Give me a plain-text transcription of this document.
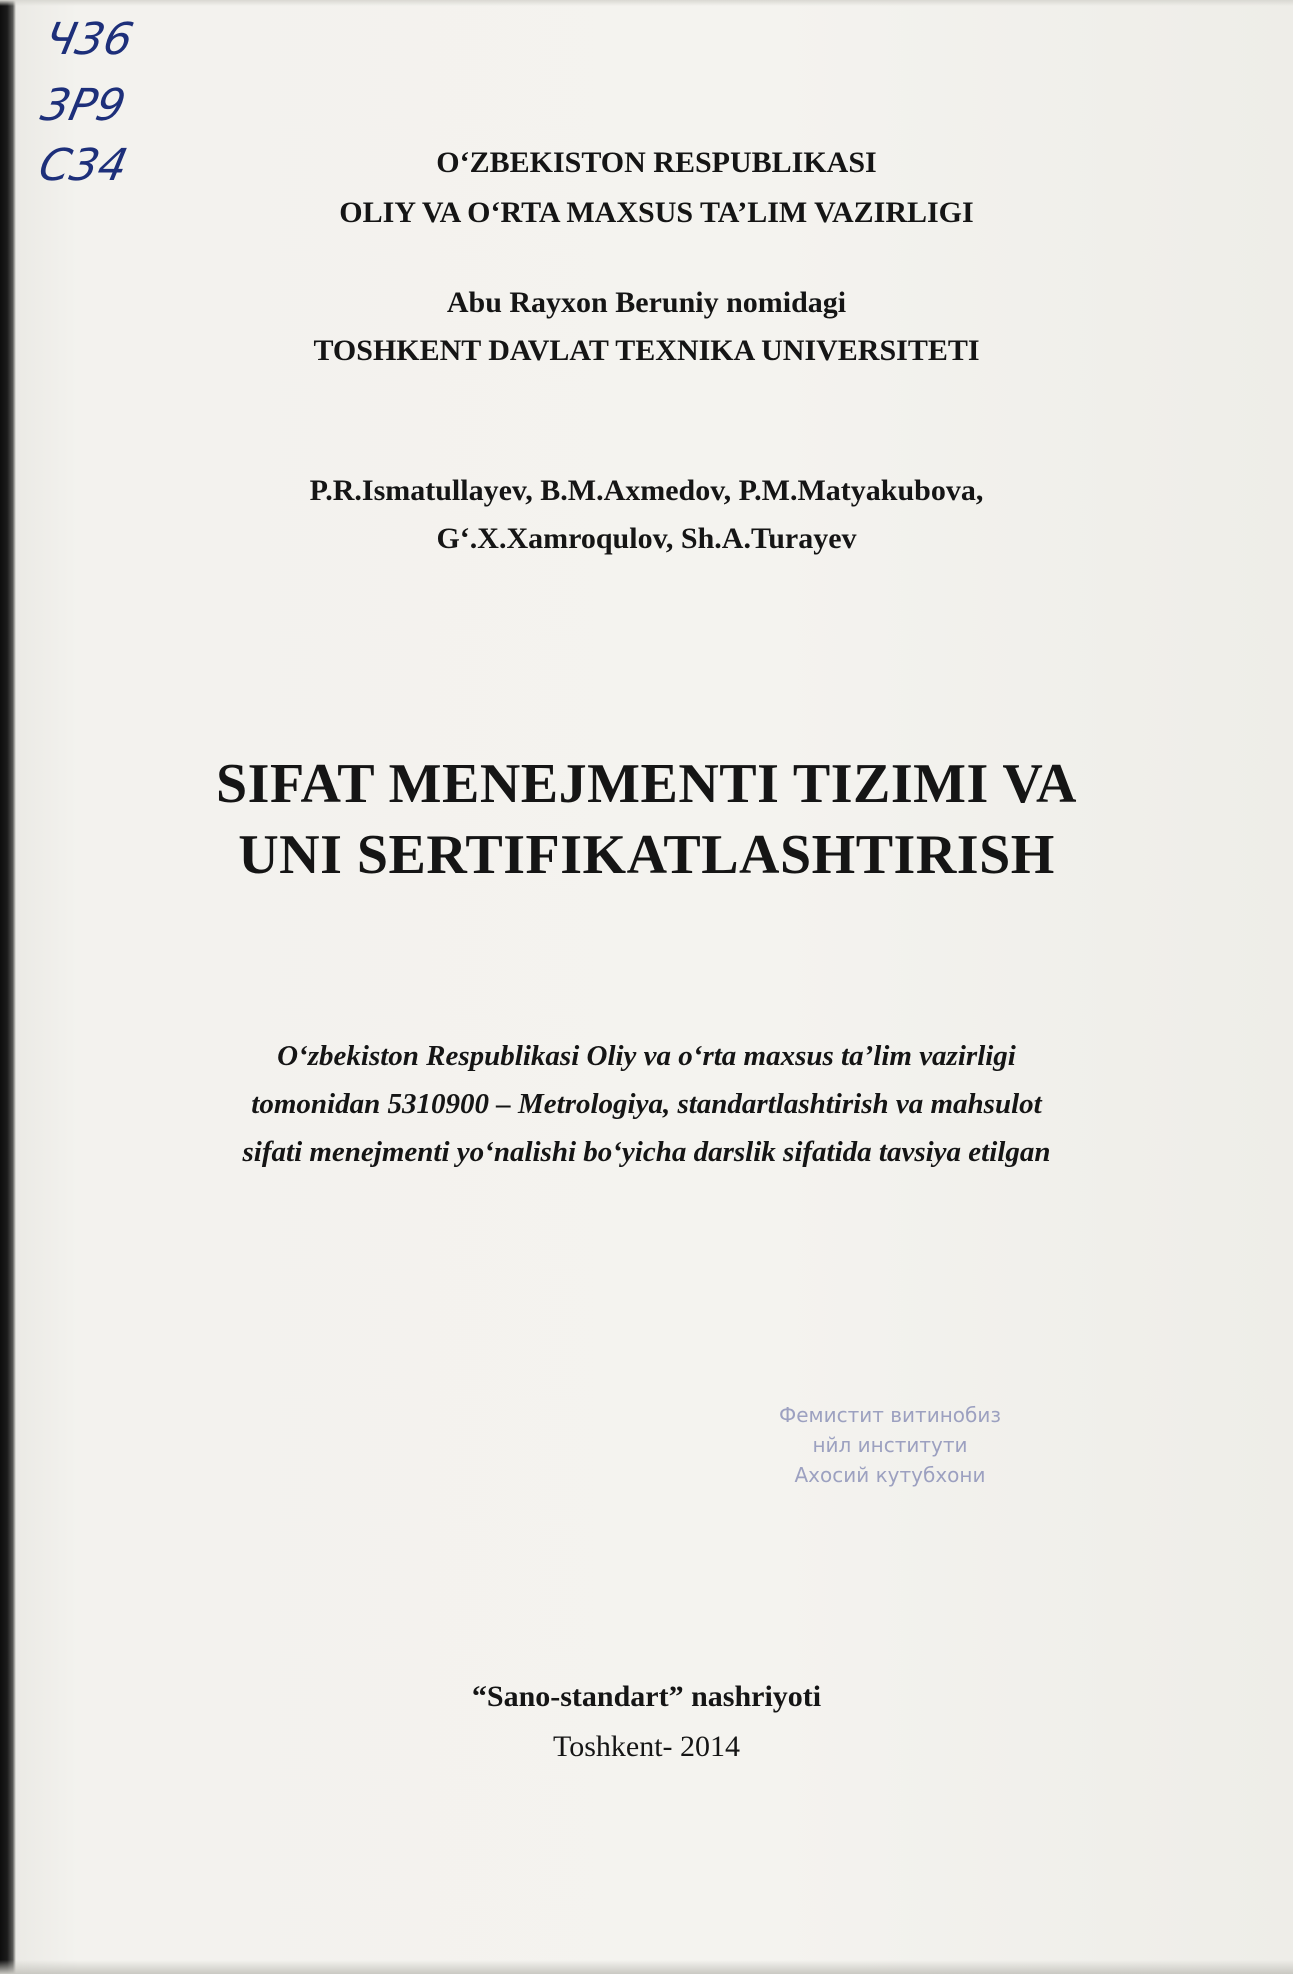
Ч36
3Р9
С34	O‘ZBEKISTON RESPUBLIKASI
OLIY VA O‘RTA MAXSUS TA’LIM VAZIRLIGI
Abu Rayxon Beruniy nomidagi
TOSHKENT DAVLAT TEXNIKA UNIVERSITETI
P.R.Ismatullayev, B.M.Axmedov, P.M.Matyakubova,
G‘.X.Xamroqulov, Sh.A.Turayev
SIFAT MENEJMENTI TIZIMI VA
UNI SERTIFIKATLASHTIRISH
O‘zbekiston Respublikasi Oliy va o‘rta maxsus ta’lim vazirligi
tomonidan 5310900 – Metrologiya, standartlashtirish va mahsulot
sifati menejmenti yo‘nalishi bo‘yicha darslik sifatida tavsiya etilgan
Фемистит витинобиз
нйл институти
Ахосий кутубхони
“Sano-standart” nashriyoti
Toshkent- 2014
